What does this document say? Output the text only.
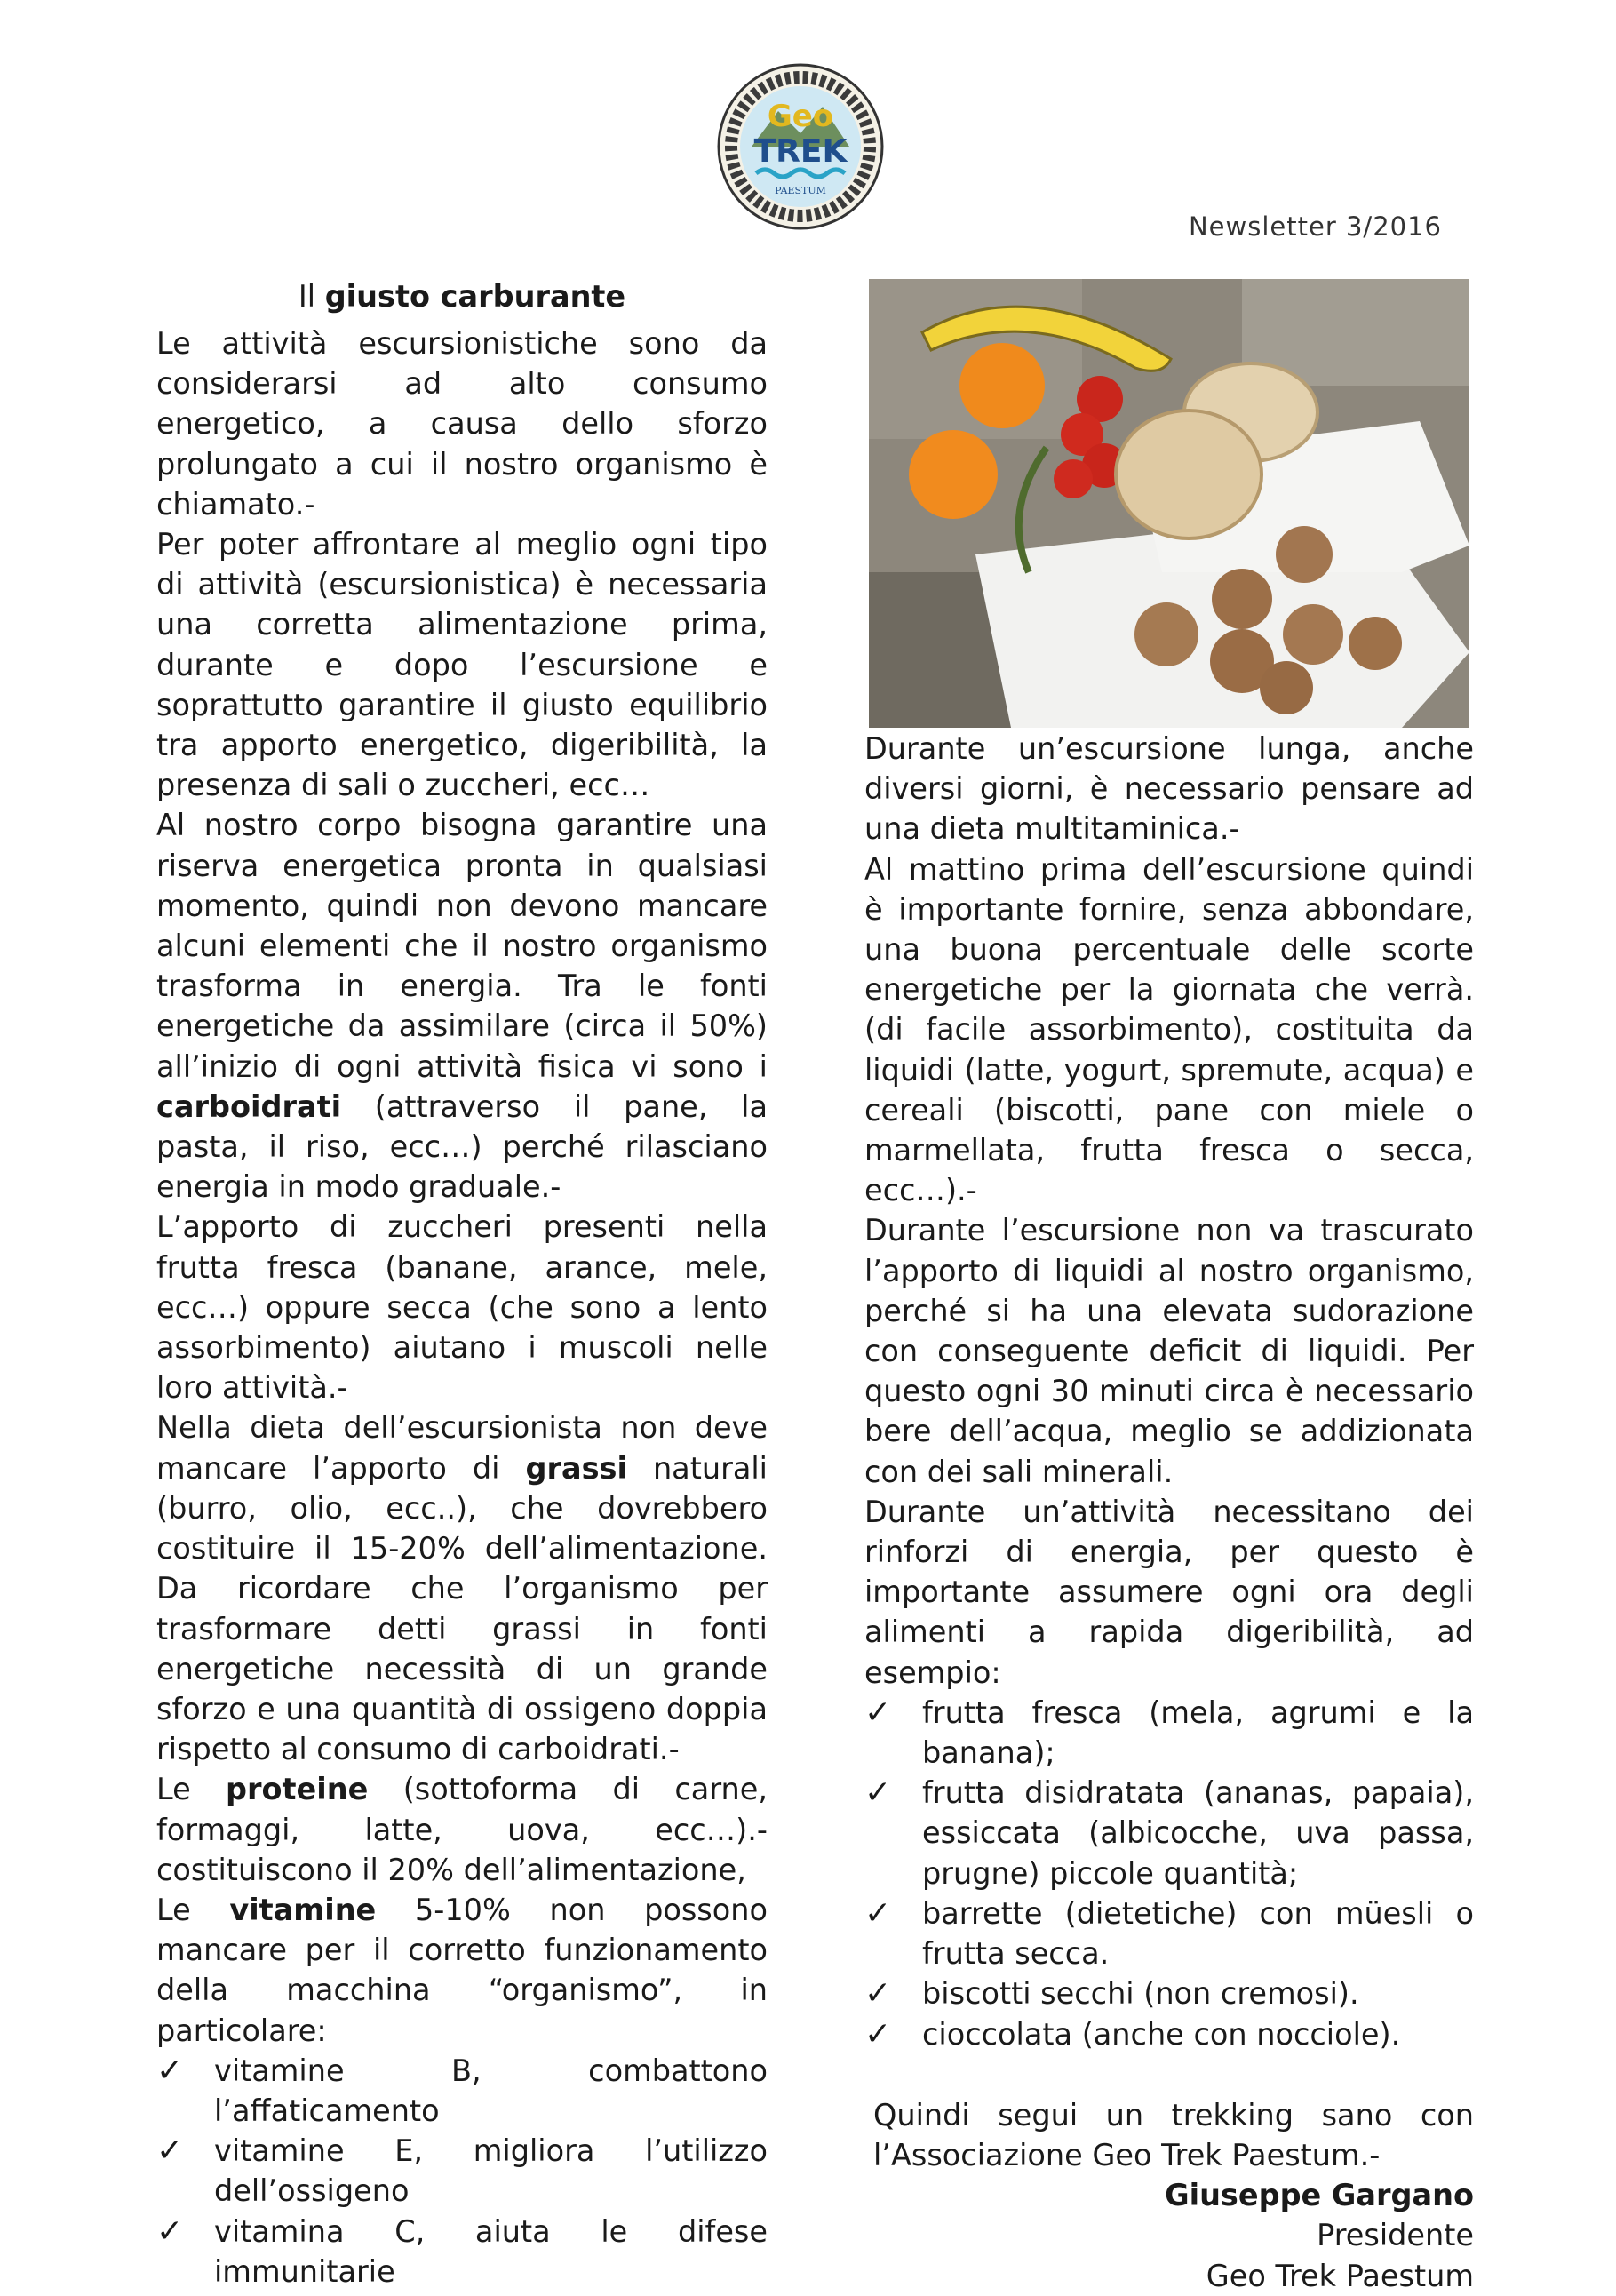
Geo
TREK
PAESTUM
Newsletter 3/2016
Il giusto carburante

Le attività escursionistiche sono da considerarsi ad alto consumo energetico, a causa dello sforzo prolungato a cui il nostro organismo è chiamato.-

Per poter affrontare al meglio ogni tipo di attività (escursionistica) è necessaria una corretta alimentazione prima, durante e dopo l’escursione e soprattutto garantire il giusto equilibrio tra apporto energetico, digeribilità, la presenza di sali o zuccheri, ecc…

Al nostro corpo bisogna garantire una riserva energetica pronta in qualsiasi momento, quindi non devono mancare alcuni elementi che il nostro organismo trasforma in energia. Tra le fonti energetiche da assimilare (circa il 50%) all’inizio di ogni attività fisica vi sono i carboidrati (attraverso il pane, la pasta, il riso, ecc…) perché rilasciano energia in modo graduale.-

L’apporto di zuccheri presenti nella frutta fresca (banane, arance, mele, ecc…) oppure secca (che sono a lento assorbimento) aiutano i muscoli nelle loro attività.-

Nella dieta dell’escursionista non deve mancare l’apporto di grassi naturali (burro, olio, ecc..), che dovrebbero costituire il 15-20% dell’alimentazione. Da ricordare che l’organismo per trasformare detti grassi in fonti energetiche necessità di un grande sforzo e una quantità di ossigeno doppia rispetto al consumo di carboidrati.-

Le proteine (sottoforma di carne, formaggi, latte, uova, ecc…).- costituiscono il 20% dell’alimentazione,

Le vitamine 5-10% non possono mancare per il corretto funzionamento della macchina “organismo”, in particolare:

✓ vitamine B, combattono l’affaticamento
✓ vitamine E, migliora l’utilizzo dell’ossigeno
✓ vitamina C, aiuta le difese immunitarie

Durante un’escursione lunga, anche diversi giorni, è necessario pensare ad una dieta multitaminica.-

Al mattino prima dell’escursione quindi è importante fornire, senza abbondare, una buona percentuale delle scorte energetiche per la giornata che verrà. (di facile assorbimento), costituita da liquidi (latte, yogurt, spremute, acqua) e cereali (biscotti, pane con miele o marmellata, frutta fresca o secca, ecc…).-

Durante l’escursione non va trascurato l’apporto di liquidi al nostro organismo, perché si ha una elevata sudorazione con conseguente deficit di liquidi. Per questo ogni 30 minuti circa è necessario bere dell’acqua, meglio se addizionata con dei sali minerali.

Durante un’attività necessitano dei rinforzi di energia, per questo è importante assumere ogni ora degli alimenti a rapida digeribilità, ad esempio:

✓ frutta fresca (mela, agrumi e la banana);
✓ frutta disidratata (ananas, papaia), essiccata (albicocche, uva passa, prugne) piccole quantità;
✓ barrette (dietetiche) con müesli o frutta secca.
✓ biscotti secchi (non cremosi).
✓ cioccolata (anche con nocciole).

Quindi segui un trekking sano con l’Associazione Geo Trek Paestum.-

Giuseppe Gargano
Presidente
Geo Trek Paestum
